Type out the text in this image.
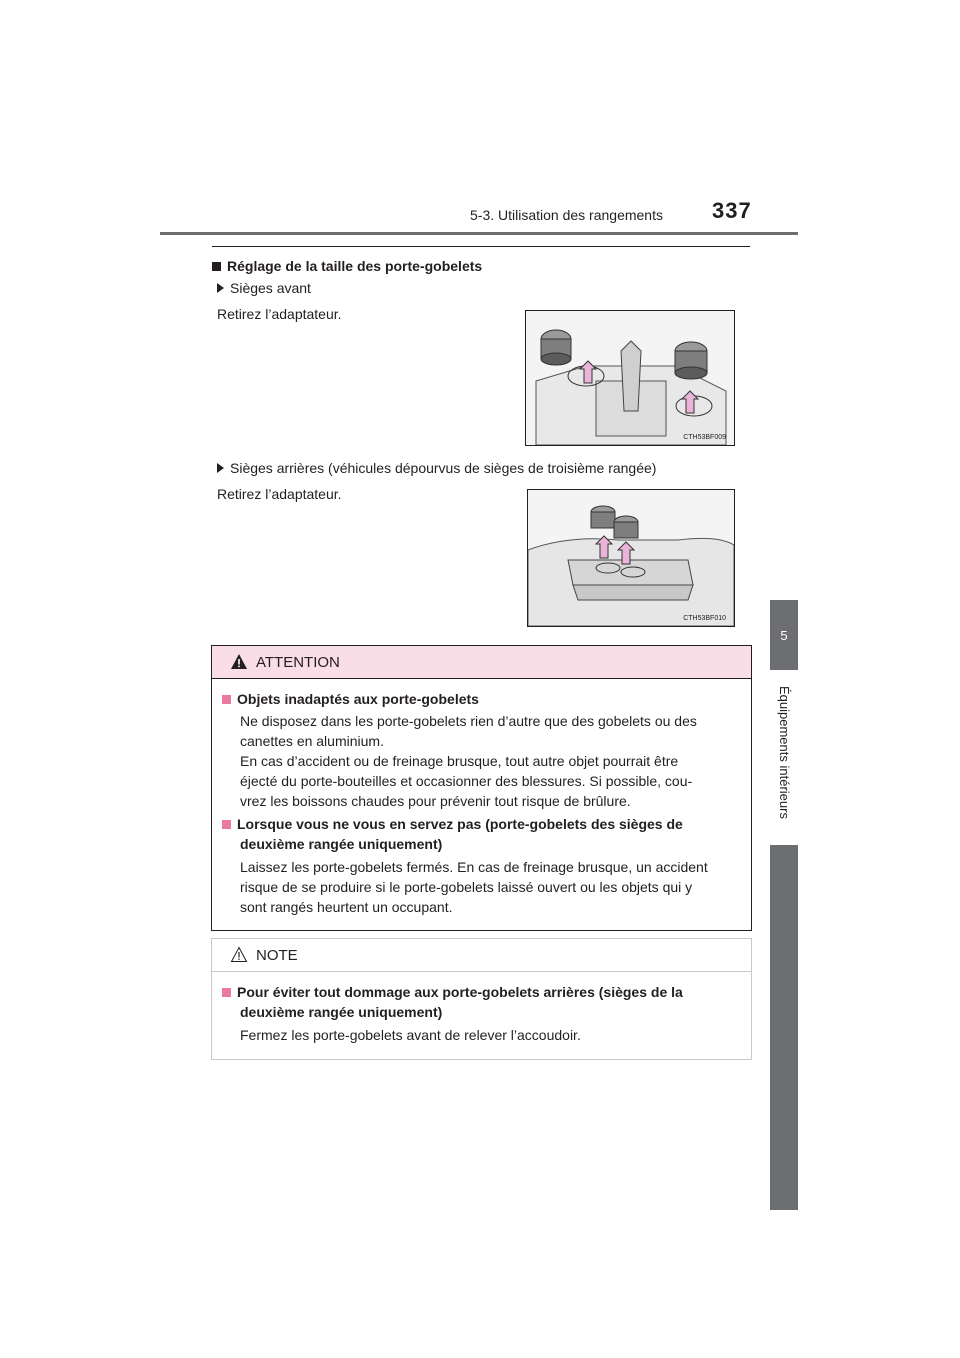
5-3. Utilisation des rangements 337
5
Équipements intérieurs
Réglage de la taille des porte-gobelets
Sièges avant
Retirez l’adaptateur.
CTH53BF009
Sièges arrières (véhicules dépourvus de sièges de troisième rangée)
Retirez l’adaptateur.
CTH53BF010
ATTENTION
Objets inadaptés aux porte-gobelets
Ne disposez dans les porte-gobelets rien d’autre que des gobelets ou des
canettes en aluminium.
En cas d’accident ou de freinage brusque, tout autre objet pourrait être
éjecté du porte-bouteilles et occasionner des blessures. Si possible, cou-
vrez les boissons chaudes pour prévenir tout risque de brûlure.
Lorsque vous ne vous en servez pas (porte-gobelets des sièges de
deuxième rangée uniquement)
Laissez les porte-gobelets fermés. En cas de freinage brusque, un accident
risque de se produire si le porte-gobelets laissé ouvert ou les objets qui y
sont rangés heurtent un occupant.
NOTE
Pour éviter tout dommage aux porte-gobelets arrières (sièges de la
deuxième rangée uniquement)
Fermez les porte-gobelets avant de relever l’accoudoir.
